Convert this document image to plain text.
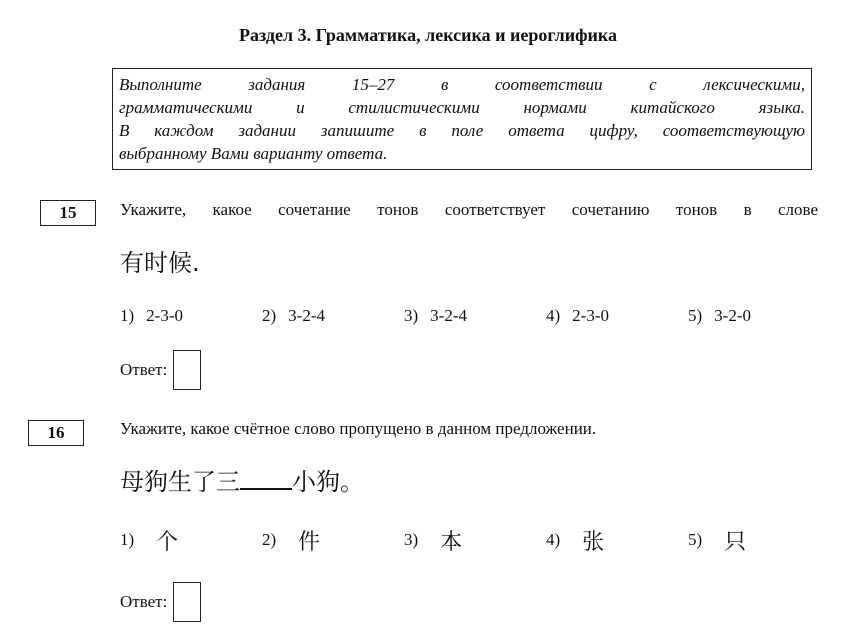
Раздел 3. Грамматика, лексика и иероглифика
Выполните задания 15–27 в соответствии с лексическими,
грамматическими и стилистическими нормами китайского языка.
В каждом задании запишите в поле ответа цифру, соответствующую
выбранному Вами варианту ответа.
15	Укажите, какое сочетание тонов соответствует сочетанию тонов в слове
有时候.
1) 2-3-0	2) 3-2-4	3) 3-2-4	4) 2-3-0	5) 3-2-0
Ответ:
16	Укажите, какое счётное слово пропущено в данном предложении.
母狗生了三 小狗。
1) 个	2) 件	3) 本	4) 张	5) 只
Ответ:
